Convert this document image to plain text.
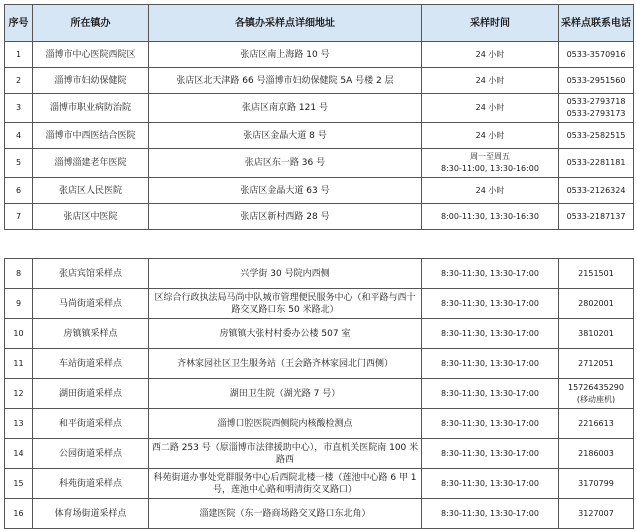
序号	所在镇办	各镇办采样点详细地址	采样时间	采样点联系电话
1	淄博市中心医院西院区	张店区南上海路 10 号	24 小时	0533-3570916

2	淄博市妇幼保健院	张店区北天津路 66 号淄博市妇幼保健院 5A 号楼 2 层	24 小时	0533-2951560

3	淄博市职业病防治院	张店区南京路 121 号	24 小时	0533-2793718
0533-2793173

4	淄博市中西医结合医院	张店区金晶大道 8 号	24 小时	0533-2582515

5	淄博淄建老年医院	张店区东一路 36 号	周一至周五
8:30-11:00, 13:30-16:00	0533-2281181

6	张店区人民医院	张店区金晶大道 63 号	24 小时	0533-2126324

7	张店区中医院	张店区新村西路 28 号	8:00-11:30, 13:30-16:30	0533-2187137
8	张店宾馆采样点	兴学街 30 号院内西侧	8:30-11:30, 13:30-17:00	2151501

9	马尚街道采样点	区综合行政执法局马尚中队城市管理便民服务中心（和平路与西十路交叉路口东 50 米路北）	8:30-11:30, 13:30-17:00	2802001

10	房镇镇采样点	房镇镇大张村村委办公楼 507 室	8:30-11:30, 13:30-17:00	3810201

11	车站街道采样点	齐林家园社区卫生服务站（王会路齐林家园北门西侧）	8:30-11:30, 13:30-17:00	2712051

12	湖田街道采样点	湖田卫生院（湖光路 7 号）	8:30-11:30, 13:30-17:00	15726435290
(移动座机)

13	和平街道采样点	淄博口腔医院西侧院内核酸检测点	8:30-11:30, 13:30-17:00	2216613

14	公园街道采样点	西二路 253 号（原淄博市法律援助中心），市直机关医院南 100 米路西	8:30-11:30, 13:30-17:00	2186003

15	科苑街道采样点	科苑街道办事处党群服务中心后西院北楼一楼（莲池中心路 6 甲 1 号，莲池中心路和明清街交叉路口）	8:30-11:30, 13:30-17:00	3170799

16	体育场街道采样点	淄建医院（东一路商场路交叉路口东北角）	8:30-11:30, 13:30-17:00	3127007
